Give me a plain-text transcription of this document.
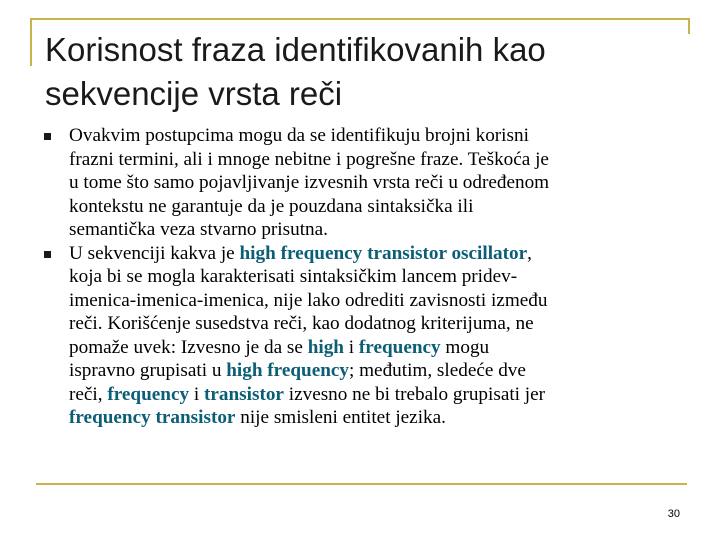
Korisnost fraza identifikovanih kao
sekvencije vrsta reči
Ovakvim postupcima mogu da se identifikuju brojni korisni
frazni termini, ali i mnoge nebitne i pogrešne fraze. Teškoća je
u tome što samo pojavljivanje izvesnih vrsta reči u određenom
kontekstu ne garantuje da je pouzdana sintaksička ili
semantička veza stvarno prisutna.
U sekvenciji kakva je high frequency transistor oscillator,
koja bi se mogla karakterisati sintaksičkim lancem pridev-
imenica-imenica-imenica, nije lako odrediti zavisnosti između
reči. Korišćenje susedstva reči, kao dodatnog kriterijuma, ne
pomaže uvek: Izvesno je da se high i frequency mogu
ispravno grupisati u high frequency; međutim, sledeće dve
reči, frequency i transistor izvesno ne bi trebalo grupisati jer
frequency transistor nije smisleni entitet jezika.
30
